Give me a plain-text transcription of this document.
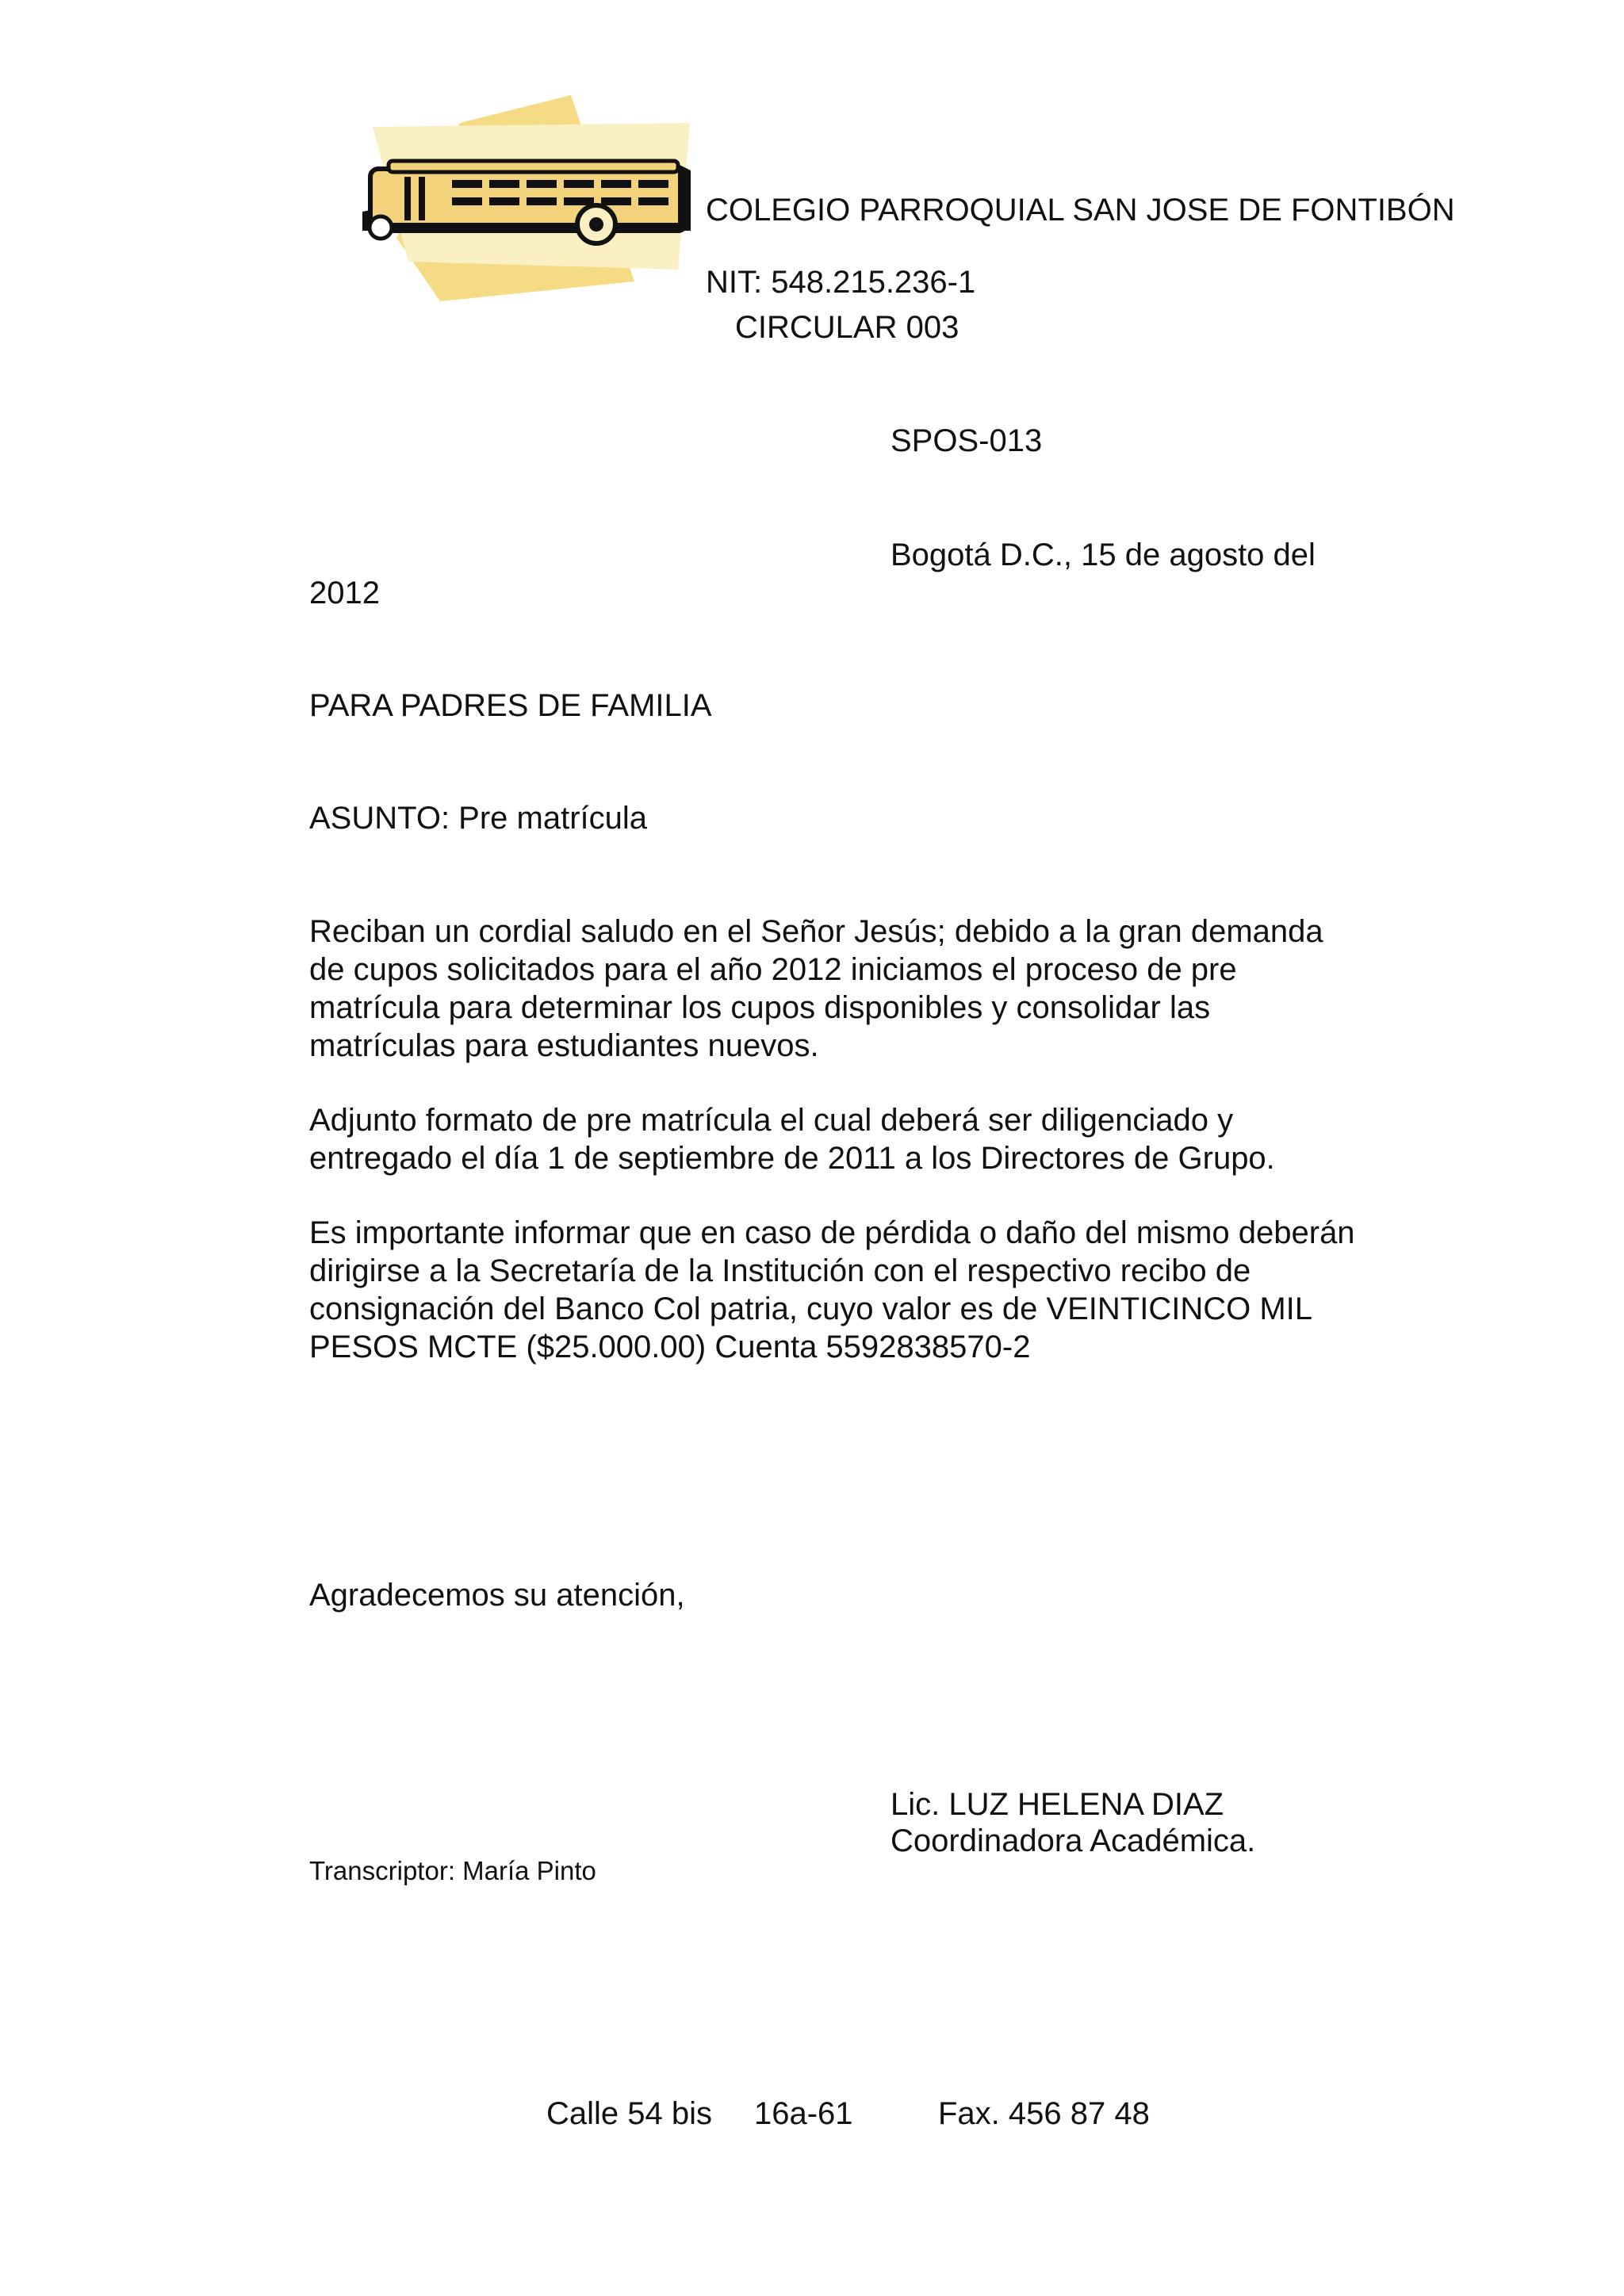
COLEGIO PARROQUIAL SAN JOSE DE FONTIBÓN

NIT: 548.215.236-1

CIRCULAR 003

SPOS-013

Bogotá D.C., 15 de agosto del

2012

PARA PADRES DE FAMILIA

ASUNTO: Pre matrícula

Reciban un cordial saludo en el Señor Jesús; debido a la gran demanda
de cupos solicitados para el año 2012 iniciamos el proceso de pre
matrícula para determinar los cupos disponibles y consolidar las
matrículas para estudiantes nuevos.
Adjunto formato de pre matrícula el cual deberá ser diligenciado y
entregado el día 1 de septiembre de 2011 a los Directores de Grupo.
Es importante informar que en caso de pérdida o daño del mismo deberán
dirigirse a la Secretaría de la Institución con el respectivo recibo de
consignación del Banco Col patria, cuyo valor es de VEINTICINCO MIL
PESOS MCTE ($25.000.00) Cuenta 5592838570-2

Agradecemos su atención,

Lic. LUZ HELENA DIAZ

Coordinadora Académica.

Transcriptor: María Pinto

Calle 54 bis 16a-61	Fax. 456 87 48
